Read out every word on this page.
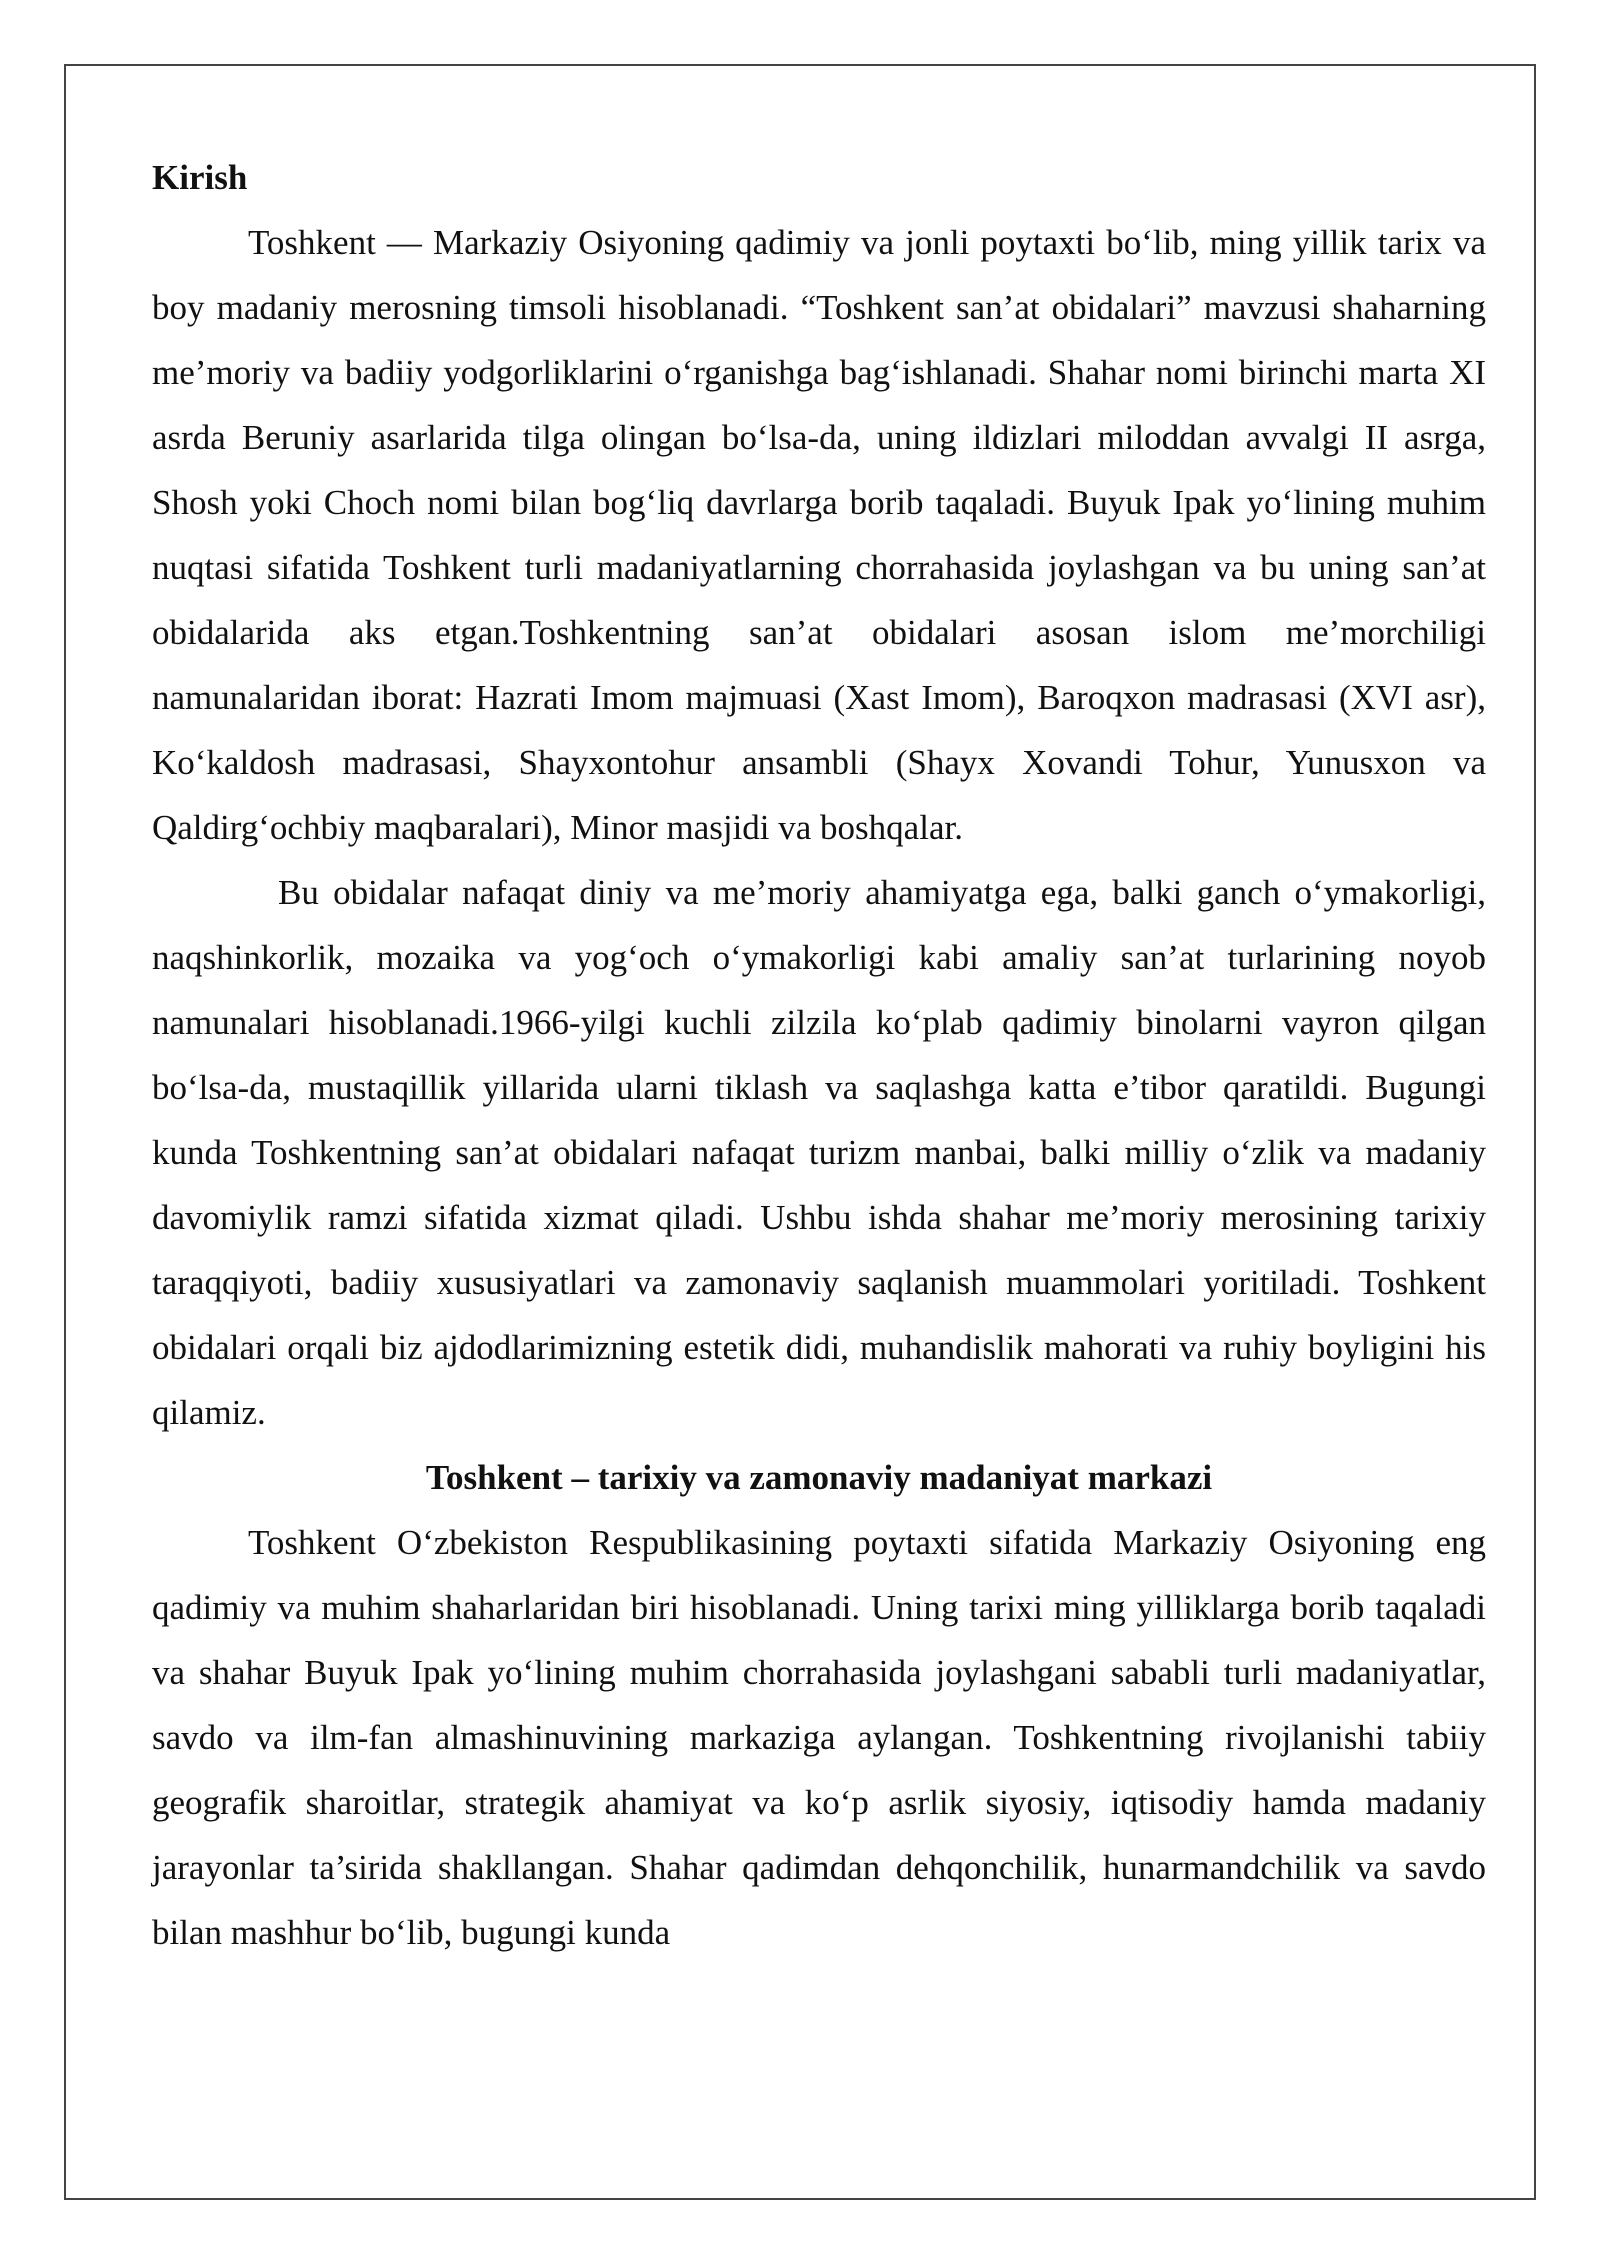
Kirish

Toshkent — Markaziy Osiyoning qadimiy va jonli poytaxti bo‘lib, ming yillik tarix va boy madaniy merosning timsoli hisoblanadi. “Toshkent san’at obidalari” mavzusi shaharning me’moriy va badiiy yodgorliklarini o‘rganishga bag‘ishlanadi. Shahar nomi birinchi marta XI asrda Beruniy asarlarida tilga olingan bo‘lsa-da, uning ildizlari miloddan avvalgi II asrga, Shosh yoki Choch nomi bilan bog‘liq davrlarga borib taqaladi. Buyuk Ipak yo‘lining muhim nuqtasi sifatida Toshkent turli madaniyatlarning chorrahasida joylashgan va bu uning san’at obidalarida aks etgan.Toshkentning san’at obidalari asosan islom me’morchiligi namunalaridan iborat: Hazrati Imom majmuasi (Xast Imom), Baroqxon madrasasi (XVI asr), Ko‘kaldosh madrasasi, Shayxontohur ansambli (Shayx Xovandi Tohur, Yunusxon va Qaldirg‘ochbiy maqbaralari), Minor masjidi va boshqalar.

Bu obidalar nafaqat diniy va me’moriy ahamiyatga ega, balki ganch o‘ymakorligi, naqshinkorlik, mozaika va yog‘och o‘ymakorligi kabi amaliy san’at turlarining noyob namunalari hisoblanadi.1966-yilgi kuchli zilzila ko‘plab qadimiy binolarni vayron qilgan bo‘lsa-da, mustaqillik yillarida ularni tiklash va saqlashga katta e’tibor qaratildi. Bugungi kunda Toshkentning san’at obidalari nafaqat turizm manbai, balki milliy o‘zlik va madaniy davomiylik ramzi sifatida xizmat qiladi. Ushbu ishda shahar me’moriy merosining tarixiy taraqqiyoti, badiiy xususiyatlari va zamonaviy saqlanish muammolari yoritiladi. Toshkent obidalari orqali biz ajdodlarimizning estetik didi, muhandislik mahorati va ruhiy boyligini his qilamiz.

Toshkent – tarixiy va zamonaviy madaniyat markazi

Toshkent O‘zbekiston Respublikasining poytaxti sifatida Markaziy Osiyoning eng qadimiy va muhim shaharlaridan biri hisoblanadi. Uning tarixi ming yilliklarga borib taqaladi va shahar Buyuk Ipak yo‘lining muhim chorrahasida joylashgani sababli turli madaniyatlar, savdo va ilm-fan almashinuvining markaziga aylangan. Toshkentning rivojlanishi tabiiy geografik sharoitlar, strategik ahamiyat va ko‘p asrlik siyosiy, iqtisodiy hamda madaniy jarayonlar ta’sirida shakllangan. Shahar qadimdan dehqonchilik, hunarmandchilik va savdo bilan mashhur bo‘lib, bugungi kunda
